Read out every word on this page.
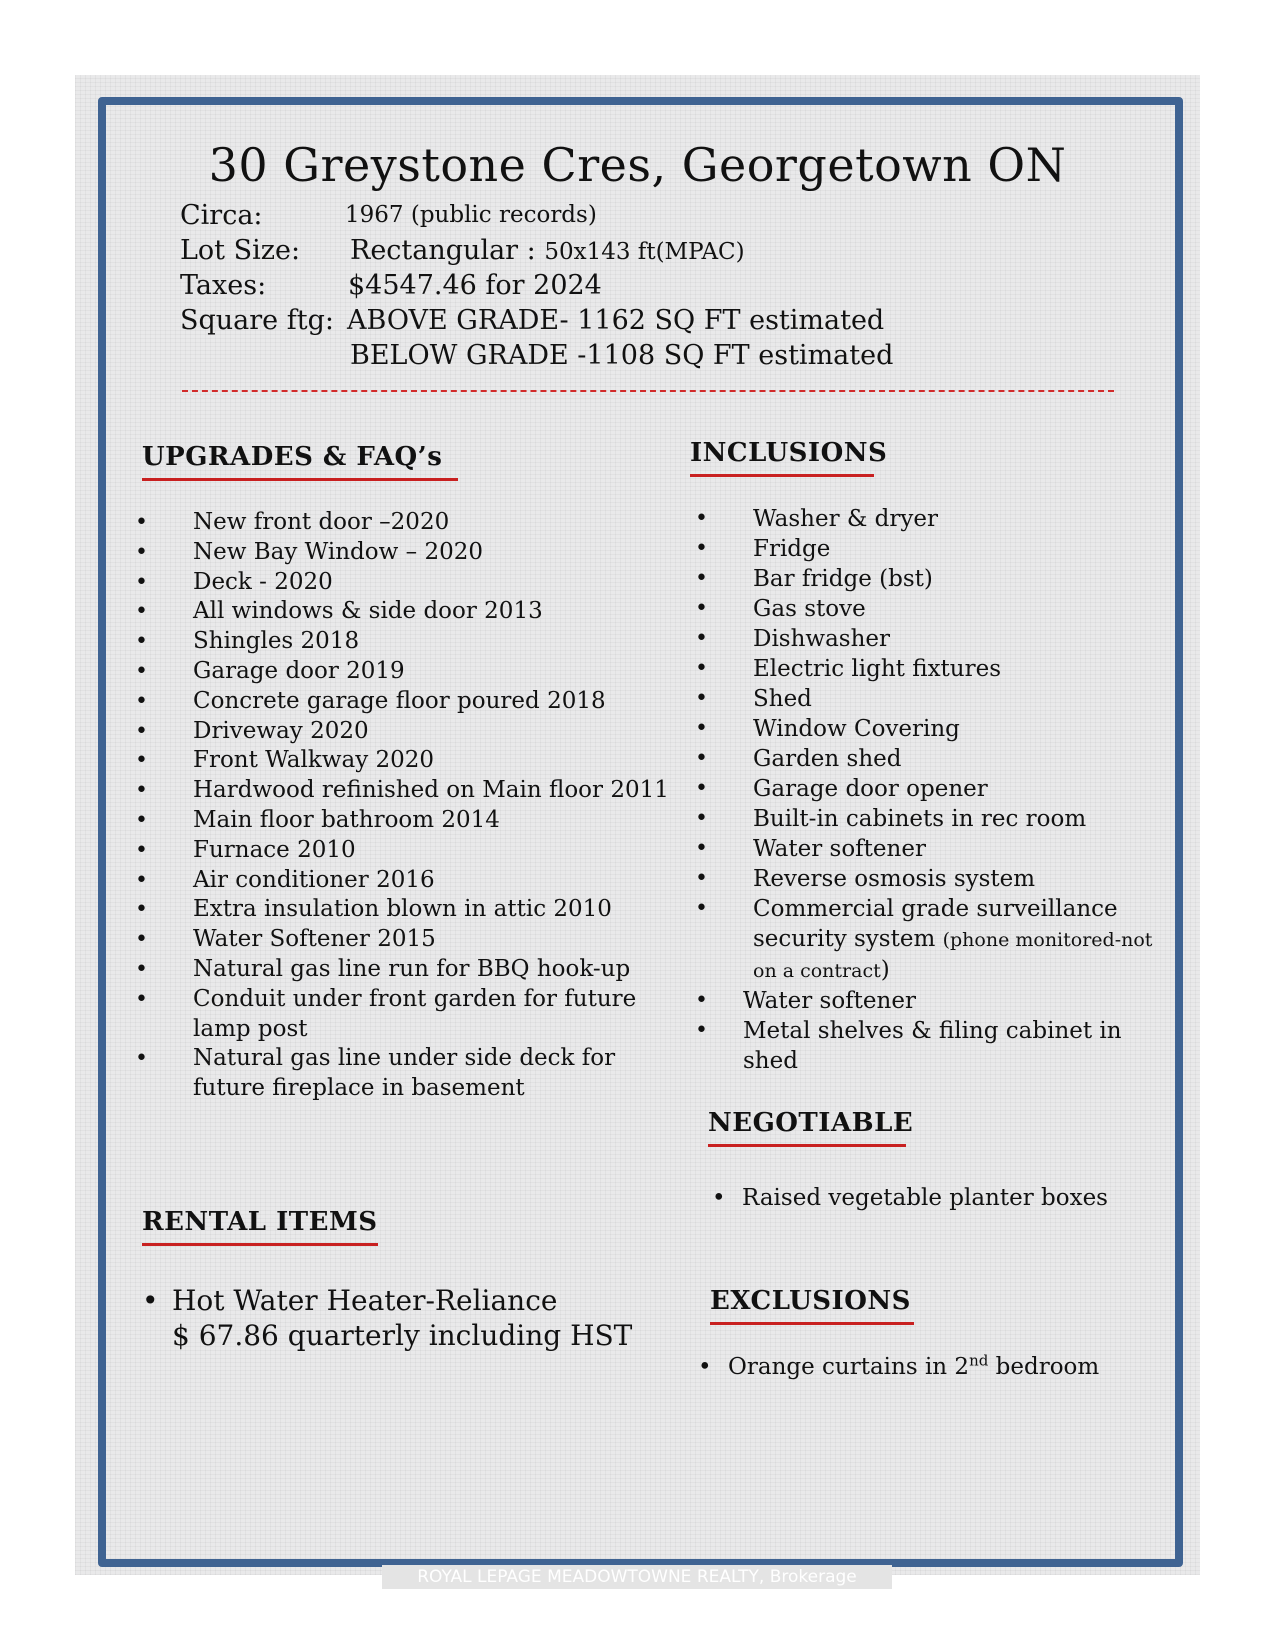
30 Greystone Cres, Georgetown ON
Circa:	1967 (public records)
Lot Size: Rectangular : 50x143 ft(MPAC)
Taxes:	$4547.46 for 2024
Square ftg: ABOVE GRADE- 1162 SQ FT estimated
BELOW GRADE -1108 SQ FT estimated
UPGRADES & FAQ’s
• New front door –2020
• New Bay Window – 2020
• Deck - 2020
• All windows & side door 2013
• Shingles 2018
• Garage door 2019
• Concrete garage floor poured 2018
• Driveway 2020
• Front Walkway 2020
• Hardwood refinished on Main floor 2011
• Main floor bathroom 2014
• Furnace 2010
• Air conditioner 2016
• Extra insulation blown in attic 2010
• Water Softener 2015
• Natural gas line run for BBQ hook-up
• Conduit under front garden for future lamp post
• Natural gas line under side deck for future fireplace in basement
INCLUSIONS
• Washer & dryer
• Fridge
• Bar fridge (bst)
• Gas stove
• Dishwasher
• Electric light fixtures
• Shed
• Window Covering
• Garden shed
• Garage door opener
• Built-in cabinets in rec room
• Water softener
• Reverse osmosis system
• Commercial grade surveillance security system (phone monitored-not on a contract)
• Water softener
• Metal shelves & filing cabinet in shed
NEGOTIABLE
• Raised vegetable planter boxes
RENTAL ITEMS
• Hot Water Heater-Reliance
$ 67.86 quarterly including HST
EXCLUSIONS
• Orange curtains in 2nd bedroom
ROYAL LEPAGE MEADOWTOWNE REALTY, Brokerage
